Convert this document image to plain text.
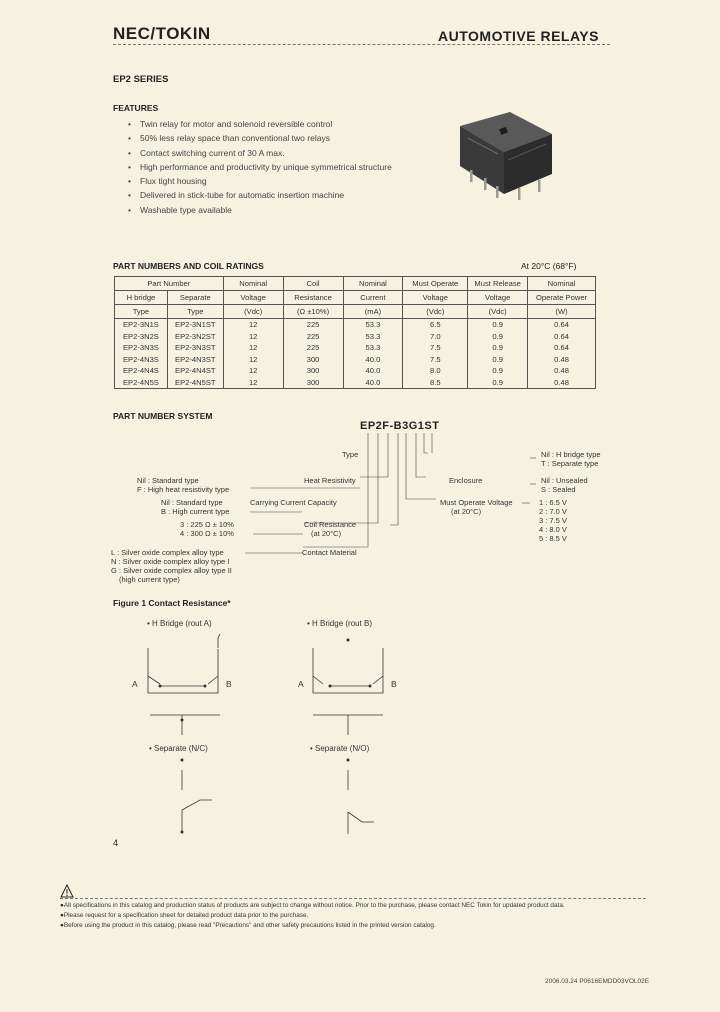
NEC/TOKIN	AUTOMOTIVE RELAYS
EP2 SERIES
FEATURES
• Twin relay for motor and solenoid reversible control
• 50% less relay space than conventional two relays
• Contact switching current of 30 A max.
• High performance and productivity by unique symmetrical structure
• Flux tight housing
• Delivered in stick-tube for automatic insertion machine
• Washable type available
PART NUMBERS AND COIL RATINGS	At 20°C (68°F)
Part Number		Nominal	Coil	Nominal	Must Operate	Must Release	Nominal
H bridge	Separate	Voltage	Resistance	Current	Voltage	Voltage	Operate Power
Type	Type	(Vdc)	(Ω ±10%)	(mA)	(Vdc)	(Vdc)	(W)
EP2-3N1S	EP2-3N1ST	12	225	53.3	6.5	0.9	0.64
EP2-3N2S	EP2-3N2ST	12	225	53.3	7.0	0.9	0.64
EP2-3N3S	EP2-3N3ST	12	225	53.3	7.5	0.9	0.64
EP2-4N3S	EP2-4N3ST	12	300	40.0	7.5	0.9	0.48
EP2-4N4S	EP2-4N4ST	12	300	40.0	8.0	0.9	0.48
EP2-4N5S	EP2-4N5ST	12	300	40.0	8.5	0.9	0.48
PART NUMBER SYSTEM
EP2F-B3G1ST
Type	Nil : H bridge type
T : Separate type
Heat Resistivity
Nil : Standard type
F : High heat resistivity type
Enclosure	Nil : Unsealed
S : Sealed
Carrying Current Capacity
Nil : Standard type
B : High current type
Must Operate Voltage
(at 20°C)
1 : 6.5 V
2 : 7.0 V
3 : 7.5 V
4 : 8.0 V
5 : 8.5 V
Coil Resistance
(at 20°C)
3 : 225 Ω ± 10%
4 : 300 Ω ± 10%
Contact Material
L : Silver oxide complex alloy type
N : Silver oxide complex alloy type I
G : Silver oxide complex alloy type II
(high current type)
Figure 1 Contact Resistance*
• H Bridge (rout A)	• H Bridge (rout B)
• Separate (N/C)	• Separate (N/O)
A	B	A	B
4
● All specifications in this catalog and production status of products are subject to change without notice. Prior to the purchase, please contact NEC Tokin for updated product data.
● Please request for a specification sheet for detailed product data prior to the purchase.
● Before using the product in this catalog, please read "Precautions" and other safety precautions listed in the printed version catalog.
2006.03.24 P0616EMDD03VOL02E
